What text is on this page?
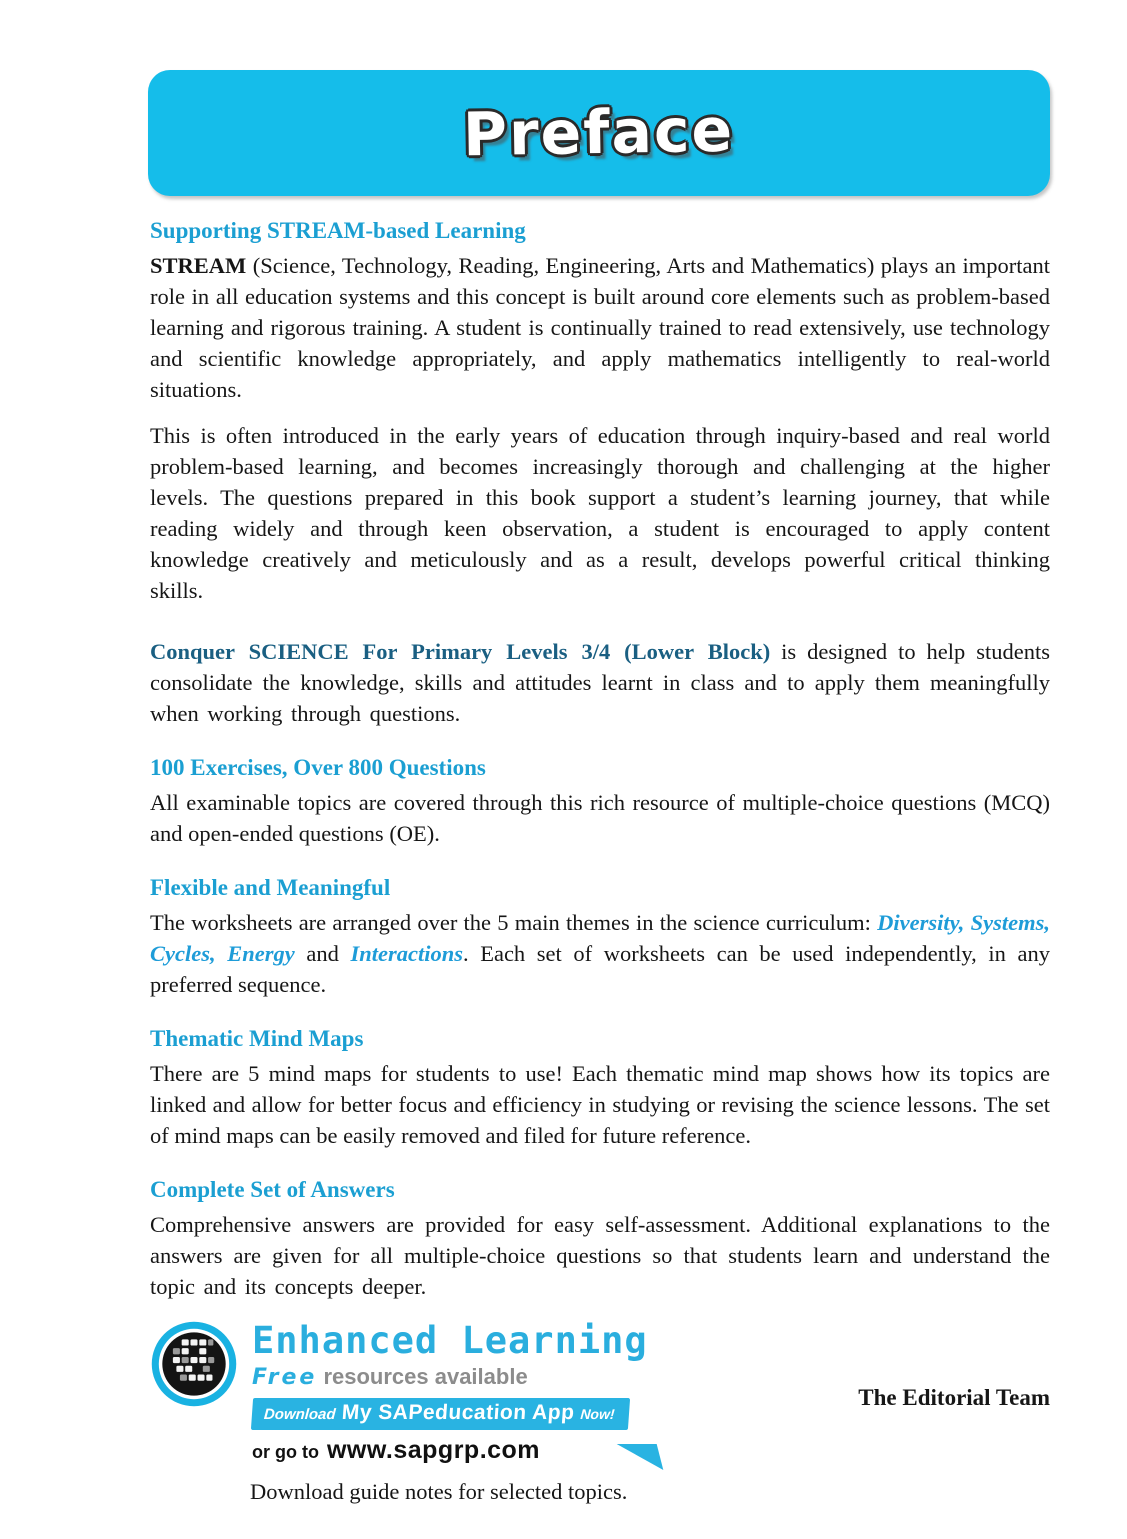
Preface
Supporting STREAM-based Learning

STREAM (Science, Technology, Reading, Engineering, Arts and Mathematics) plays an important role in all education systems and this concept is built around core elements such as problem-based learning and rigorous training. A student is continually trained to read extensively, use technology and scientific knowledge appropriately, and apply mathematics intelligently to real-world situations.

This is often introduced in the early years of education through inquiry-based and real world problem-based learning, and becomes increasingly thorough and challenging at the higher levels. The questions prepared in this book support a student’s learning journey, that while reading widely and through keen observation, a student is encouraged to apply content knowledge creatively and meticulously and as a result, develops powerful critical thinking skills.

Conquer SCIENCE For Primary Levels 3/4 (Lower Block) is designed to help students consolidate the knowledge, skills and attitudes learnt in class and to apply them meaningfully when working through questions.

100 Exercises, Over 800 Questions

All examinable topics are covered through this rich resource of multiple-choice questions (MCQ) and open-ended questions (OE).

Flexible and Meaningful

The worksheets are arranged over the 5 main themes in the science curriculum: Diversity, Systems, Cycles, Energy and Interactions. Each set of worksheets can be used independently, in any preferred sequence.

Thematic Mind Maps

There are 5 mind maps for students to use! Each thematic mind map shows how its topics are linked and allow for better focus and efficiency in studying or revising the science lessons. The set of mind maps can be easily removed and filed for future reference.

Complete Set of Answers

Comprehensive answers are provided for easy self-assessment. Additional explanations to the answers are given for all multiple-choice questions so that students learn and understand the topic and its concepts deeper.

Enhanced Learning
Free resources available
Download My SAPeducation App Now!
or go to www.sapgrp.com

Download guide notes for selected topics.

The Editorial Team
